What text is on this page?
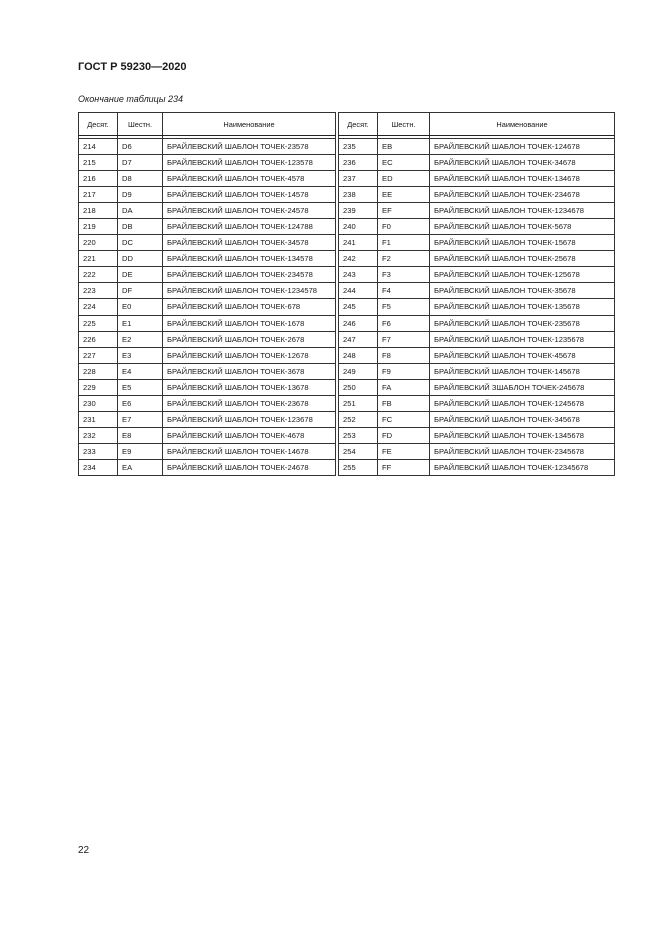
ГОСТ Р 59230—2020
Окончание таблицы 234
Десят.	Шестн.	Наименование

214	D6	БРАЙЛЕВСКИЙ ШАБЛОН ТОЧЕК-23578
215	D7	БРАЙЛЕВСКИЙ ШАБЛОН ТОЧЕК-123578
216	D8	БРАЙЛЕВСКИЙ ШАБЛОН ТОЧЕК-4578
217	D9	БРАЙЛЕВСКИЙ ШАБЛОН ТОЧЕК-14578
218	DA	БРАЙЛЕВСКИЙ ШАБЛОН ТОЧЕК-24578
219	DB	БРАЙЛЕВСКИЙ ШАБЛОН ТОЧЕК-124788
220	DC	БРАЙЛЕВСКИЙ ШАБЛОН ТОЧЕК-34578
221	DD	БРАЙЛЕВСКИЙ ШАБЛОН ТОЧЕК-134578
222	DE	БРАЙЛЕВСКИЙ ШАБЛОН ТОЧЕК-234578
223	DF	БРАЙЛЕВСКИЙ ШАБЛОН ТОЧЕК-1234578
224	E0	БРАЙЛЕВСКИЙ ШАБЛОН ТОЧЕК-678
225	E1	БРАЙЛЕВСКИЙ ШАБЛОН ТОЧЕК-1678
226	E2	БРАЙЛЕВСКИЙ ШАБЛОН ТОЧЕК-2678
227	E3	БРАЙЛЕВСКИЙ ШАБЛОН ТОЧЕК-12678
228	E4	БРАЙЛЕВСКИЙ ШАБЛОН ТОЧЕК-3678
229	E5	БРАЙЛЕВСКИЙ ШАБЛОН ТОЧЕК-13678
230	E6	БРАЙЛЕВСКИЙ ШАБЛОН ТОЧЕК-23678
231	E7	БРАЙЛЕВСКИЙ ШАБЛОН ТОЧЕК-123678
232	E8	БРАЙЛЕВСКИЙ ШАБЛОН ТОЧЕК-4678
233	E9	БРАЙЛЕВСКИЙ ШАБЛОН ТОЧЕК-14678
234	EA	БРАЙЛЕВСКИЙ ШАБЛОН ТОЧЕК-24678
Десят.	Шестн.	Наименование

235	EB	БРАЙЛЕВСКИЙ ШАБЛОН ТОЧЕК-124678
236	EC	БРАЙЛЕВСКИЙ ШАБЛОН ТОЧЕК-34678
237	ED	БРАЙЛЕВСКИЙ ШАБЛОН ТОЧЕК-134678
238	EE	БРАЙЛЕВСКИЙ ШАБЛОН ТОЧЕК-234678
239	EF	БРАЙЛЕВСКИЙ ШАБЛОН ТОЧЕК-1234678
240	F0	БРАЙЛЕВСКИЙ ШАБЛОН ТОЧЕК-5678
241	F1	БРАЙЛЕВСКИЙ ШАБЛОН ТОЧЕК-15678
242	F2	БРАЙЛЕВСКИЙ ШАБЛОН ТОЧЕК-25678
243	F3	БРАЙЛЕВСКИЙ ШАБЛОН ТОЧЕК-125678
244	F4	БРАЙЛЕВСКИЙ ШАБЛОН ТОЧЕК-35678
245	F5	БРАЙЛЕВСКИЙ ШАБЛОН ТОЧЕК-135678
246	F6	БРАЙЛЕВСКИЙ ШАБЛОН ТОЧЕК-235678
247	F7	БРАЙЛЕВСКИЙ ШАБЛОН ТОЧЕК-1235678
248	F8	БРАЙЛЕВСКИЙ ШАБЛОН ТОЧЕК-45678
249	F9	БРАЙЛЕВСКИЙ ШАБЛОН ТОЧЕК-145678
250	FA	БРАЙЛЕВСКИЙ ЗШАБЛОН ТОЧЕК-245678
251	FB	БРАЙЛЕВСКИЙ ШАБЛОН ТОЧЕК-1245678
252	FC	БРАЙЛЕВСКИЙ ШАБЛОН ТОЧЕК-345678
253	FD	БРАЙЛЕВСКИЙ ШАБЛОН ТОЧЕК-1345678
254	FE	БРАЙЛЕВСКИЙ ШАБЛОН ТОЧЕК-2345678
255	FF	БРАЙЛЕВСКИЙ ШАБЛОН ТОЧЕК-12345678
22
